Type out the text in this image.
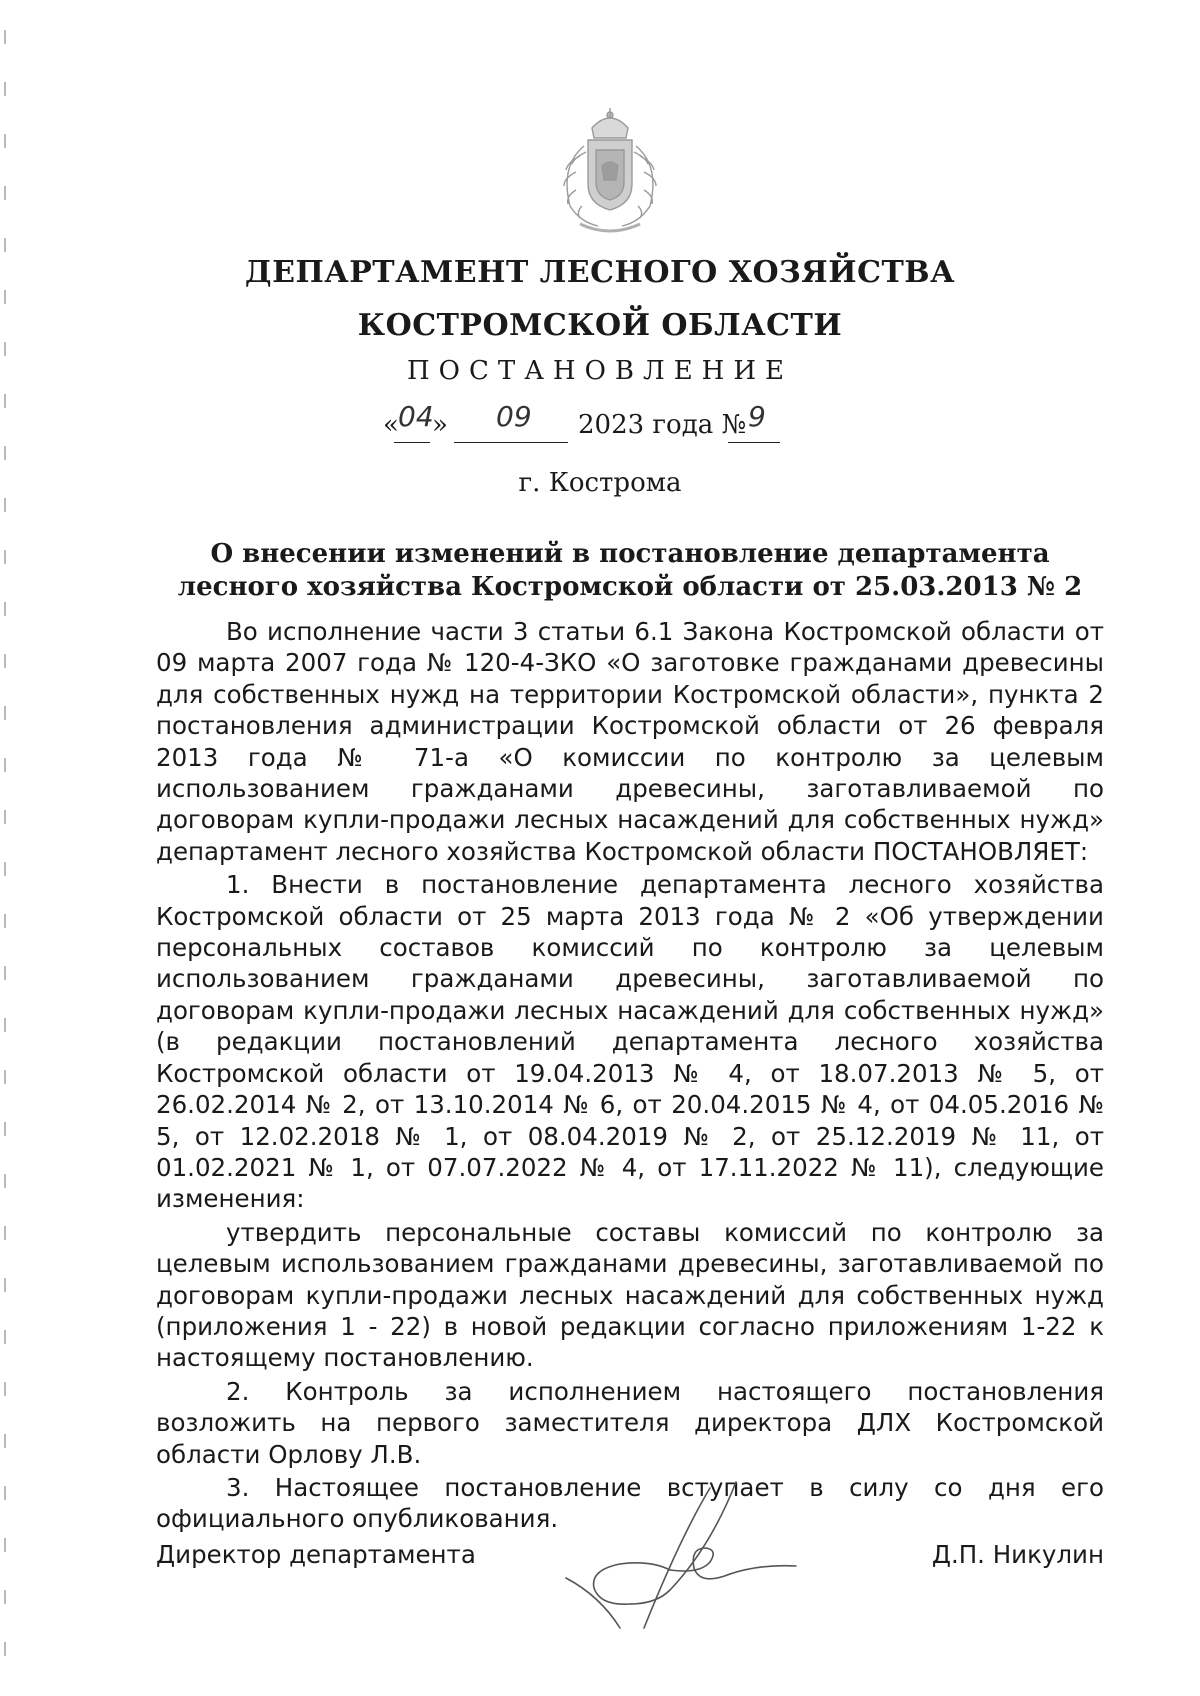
ДЕПАРТАМЕНТ ЛЕСНОГО ХОЗЯЙСТВА
КОСТРОМСКОЙ ОБЛАСТИ
ПОСТАНОВЛЕНИЕ
« 04
» 09 2023 года № 9
г. Кострома
О внесении изменений в постановление департамента
лесного хозяйства Костромской области от 25.03.2013 № 2

Во исполнение части 3 статьи 6.1 Закона Костромской области от 09 марта 2007 года № 120-4-ЗКО «О заготовке гражданами древесины для собственных нужд на территории Костромской области», пункта 2 постановления администрации Костромской области от 26 февраля 2013 года № 71-а «О комиссии по контролю за целевым использованием гражданами древесины, заготавливаемой по договорам купли-продажи лесных насаждений для собственных нужд» департамент лесного хозяйства Костромской области ПОСТАНОВЛЯЕТ:

1. Внести в постановление департамента лесного хозяйства Костромской области от 25 марта 2013 года № 2 «Об утверждении персональных составов комиссий по контролю за целевым использованием гражданами древесины, заготавливаемой по договорам купли-продажи лесных насаждений для собственных нужд» (в редакции постановлений департамента лесного хозяйства Костромской области от 19.04.2013 № 4, от 18.07.2013 № 5, от 26.02.2014 № 2, от 13.10.2014 № 6, от 20.04.2015 № 4, от 04.05.2016 № 5, от 12.02.2018 № 1, от 08.04.2019 № 2, от 25.12.2019 № 11, от 01.02.2021 № 1, от 07.07.2022 № 4, от 17.11.2022 № 11), следующие изменения:

утвердить персональные составы комиссий по контролю за целевым использованием гражданами древесины, заготавливаемой по договорам купли-продажи лесных насаждений для собственных нужд (приложения 1 - 22) в новой редакции согласно приложениям 1-22 к настоящему постановлению.

2. Контроль за исполнением настоящего постановления возложить на первого заместителя директора ДЛХ Костромской области Орлову Л.В.

3. Настоящее постановление вступает в силу со дня его официального опубликования.

Директор департамента	Д.П. Никулин
